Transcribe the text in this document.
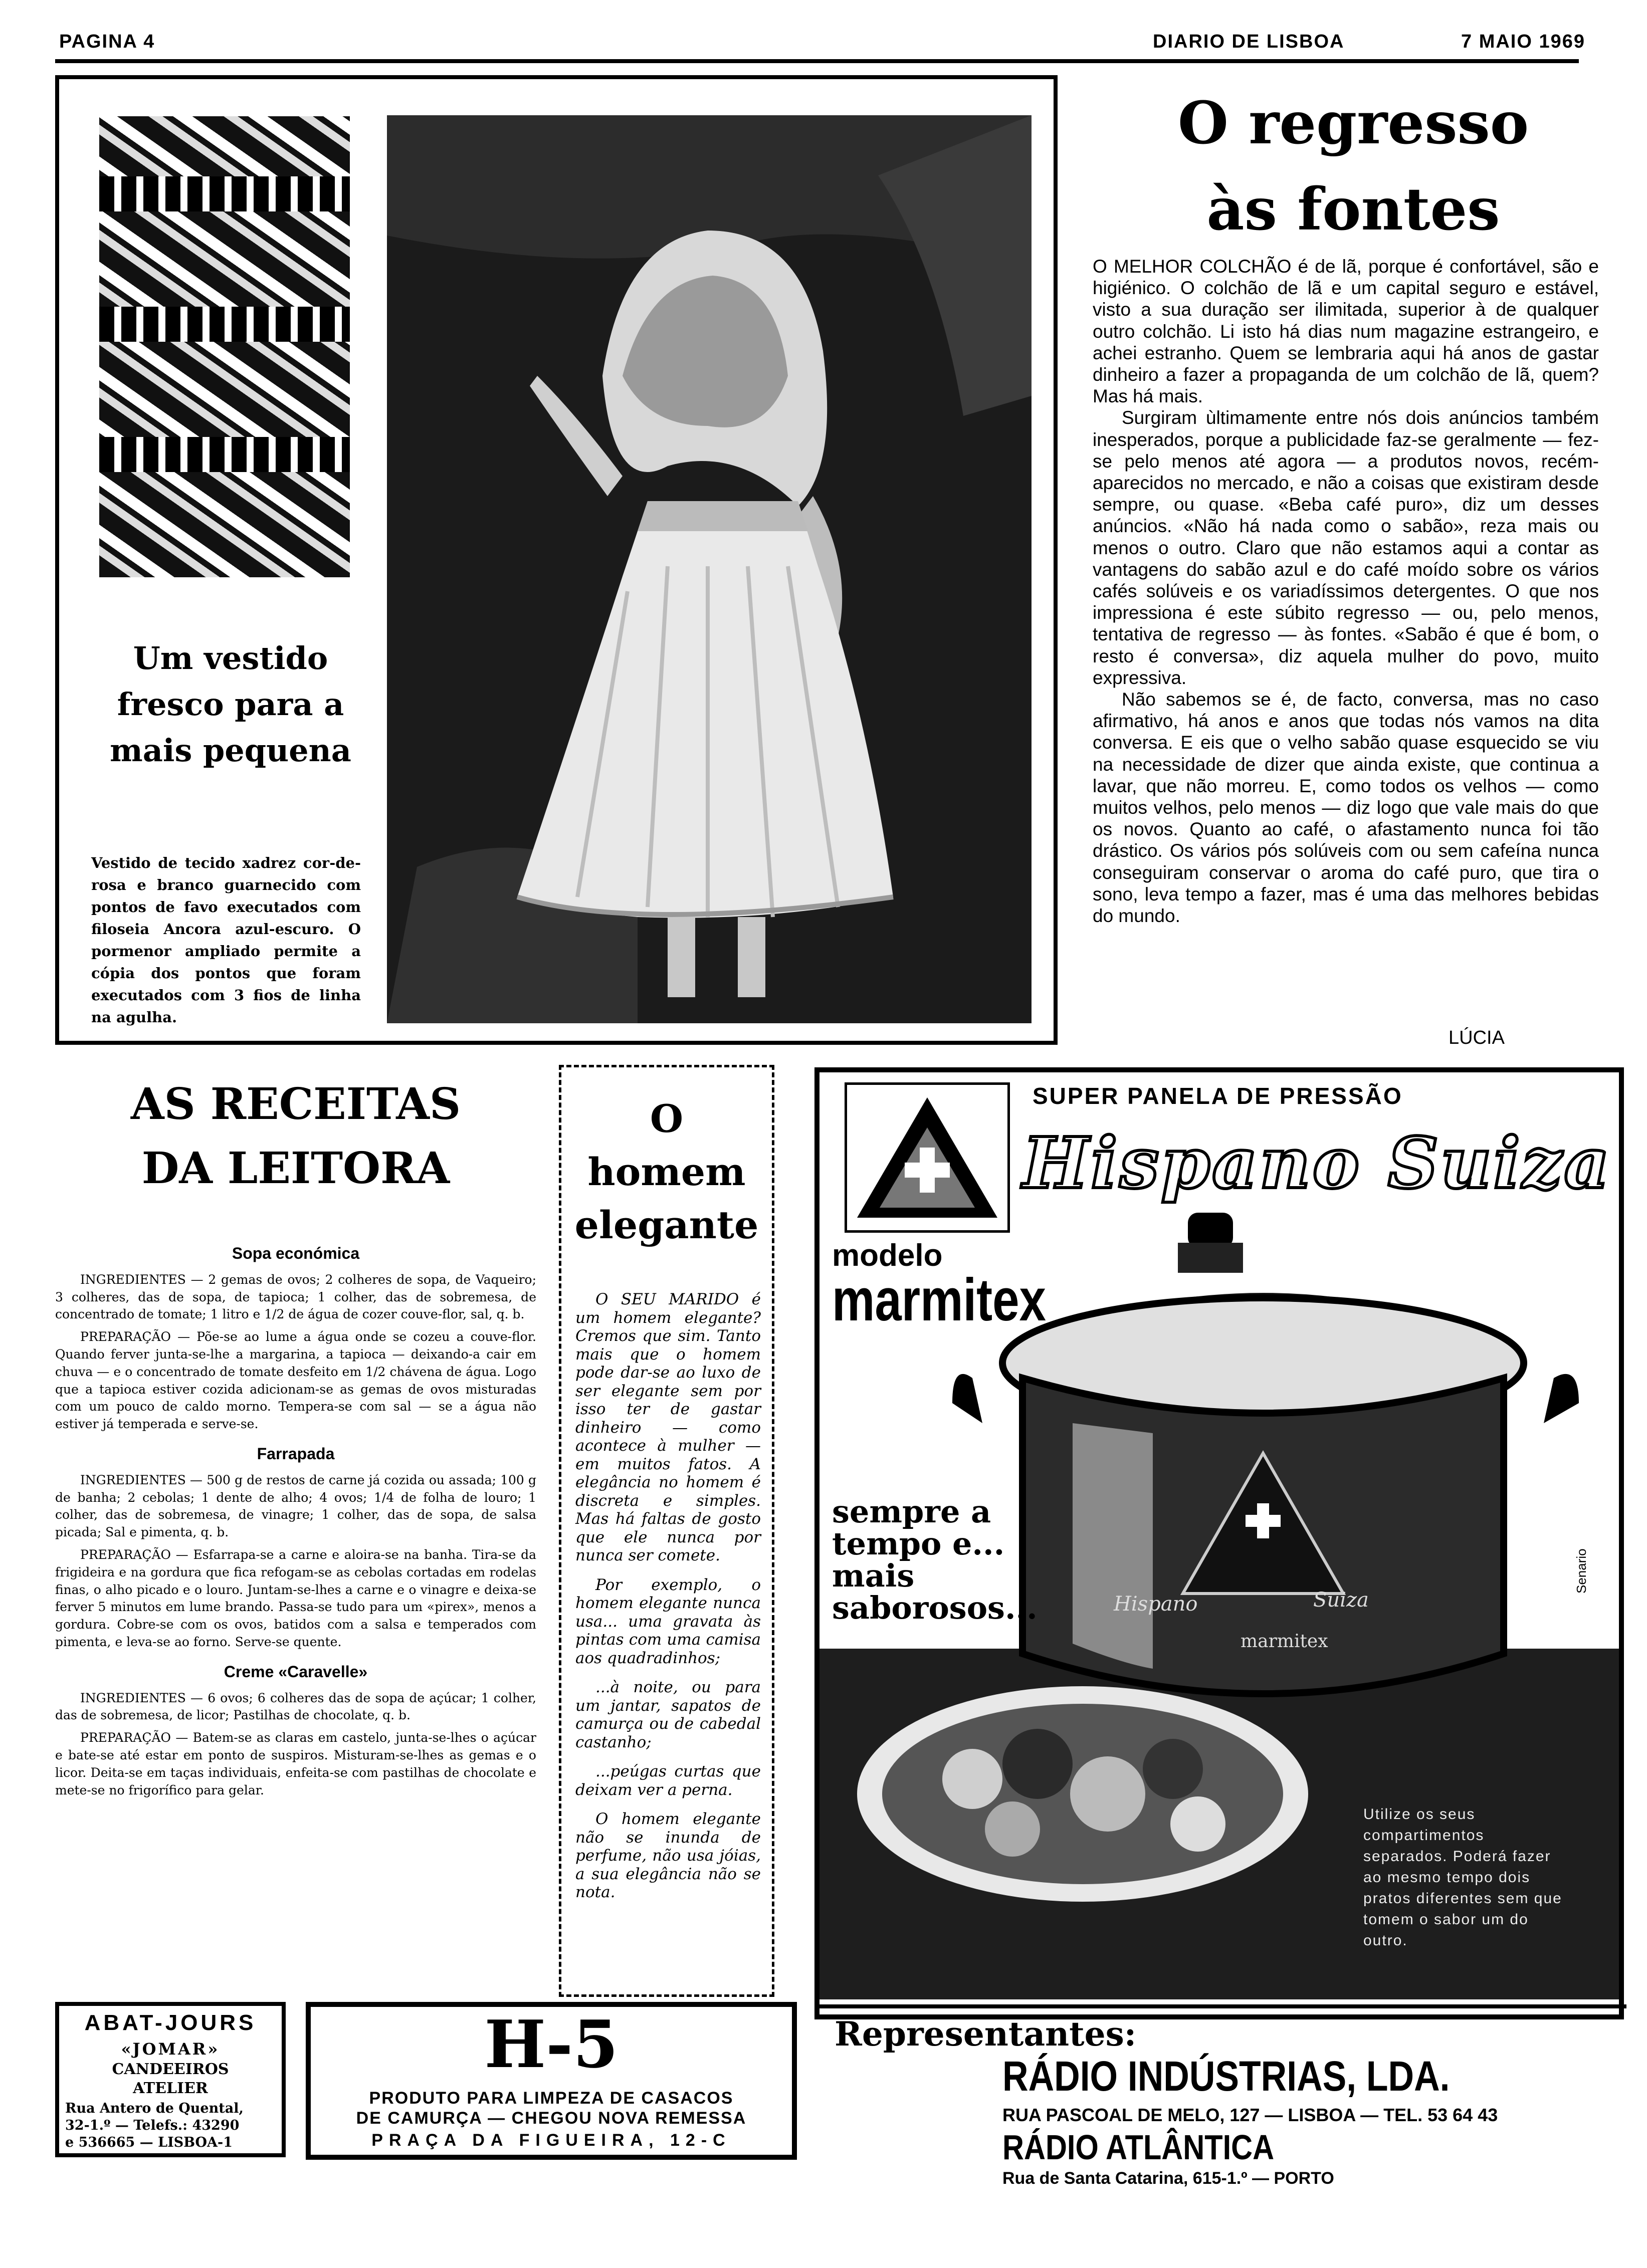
PAGINA 4	DIARIO DE LISBOA	7 MAIO 1969
Um vestido fresco para a mais pequena
Vestido de tecido xadrez cor-de-rosa e branco guarnecido com pontos de favo executados com filoseia Ancora azul-escuro. O pormenor ampliado permite a cópia dos pontos que foram executados com 3 fios de linha na agulha.
O regresso
às fontes

O MELHOR COLCHÃO é de lã, porque é confortável, são e higiénico. O colchão de lã e um capital seguro e estável, visto a sua duração ser ilimitada, superior à de qualquer outro colchão. Li isto há dias num magazine estrangeiro, e achei estranho. Quem se lembraria aqui há anos de gastar dinheiro a fazer a propaganda de um colchão de lã, quem? Mas há mais.

Surgiram ùltimamente entre nós dois anúncios também inesperados, porque a publicidade faz-se geralmente — fez-se pelo menos até agora — a produtos novos, recém-aparecidos no mercado, e não a coisas que existiram desde sempre, ou quase. «Beba café puro», diz um desses anúncios. «Não há nada como o sabão», reza mais ou menos o outro. Claro que não estamos aqui a contar as vantagens do sabão azul e do café moído sobre os vários cafés solúveis e os variadíssimos detergentes. O que nos impressiona é este súbito regresso — ou, pelo menos, tentativa de regresso — às fontes. «Sabão é que é bom, o resto é conversa», diz aquela mulher do povo, muito expressiva.

Não sabemos se é, de facto, conversa, mas no caso afirmativo, há anos e anos que todas nós vamos na dita conversa. E eis que o velho sabão quase esquecido se viu na necessidade de dizer que ainda existe, que continua a lavar, que não morreu. E, como todos os velhos — como muitos velhos, pelo menos — diz logo que vale mais do que os novos. Quanto ao café, o afastamento nunca foi tão drástico. Os vários pós solúveis com ou sem cafeína nunca conseguiram conservar o aroma do café puro, que tira o sono, leva tempo a fazer, mas é uma das melhores bebidas do mundo.

LÚCIA
AS RECEITAS
DA LEITORA
Sopa económica

INGREDIENTES — 2 gemas de ovos; 2 colheres de sopa, de Vaqueiro; 3 colheres, das de sopa, de tapioca; 1 colher, das de sobremesa, de concentrado de tomate; 1 litro e 1/2 de água de cozer couve-flor, sal, q. b.

PREPARAÇÃO — Põe-se ao lume a água onde se cozeu a couve-flor. Quando ferver junta-se-lhe a margarina, a tapioca — deixando-a cair em chuva — e o concentrado de tomate desfeito em 1/2 chávena de água. Logo que a tapioca estiver cozida adicionam-se as gemas de ovos misturadas com um pouco de caldo morno. Tempera-se com sal — se a água não estiver já temperada e serve-se.

Farrapada

INGREDIENTES — 500 g de restos de carne já cozida ou assada; 100 g de banha; 2 cebolas; 1 dente de alho; 4 ovos; 1/4 de folha de louro; 1 colher, das de sobremesa, de vinagre; 1 colher, das de sopa, de salsa picada; Sal e pimenta, q. b.

PREPARAÇÃO — Esfarrapa-se a carne e aloira-se na banha. Tira-se da frigideira e na gordura que fica refogam-se as cebolas cortadas em rodelas finas, o alho picado e o louro. Juntam-se-lhes a carne e o vinagre e deixa-se ferver 5 minutos em lume brando. Passa-se tudo para um «pirex», menos a gordura. Cobre-se com os ovos, batidos com a salsa e temperados com pimenta, e leva-se ao forno. Serve-se quente.

Creme «Caravelle»

INGREDIENTES — 6 ovos; 6 colheres das de sopa de açúcar; 1 colher, das de sobremesa, de licor; Pastilhas de chocolate, q. b.

PREPARAÇÃO — Batem-se as claras em castelo, junta-se-lhes o açúcar e bate-se até estar em ponto de suspiros. Misturam-se-lhes as gemas e o licor. Deita-se em taças individuais, enfeita-se com pastilhas de chocolate e mete-se no frigorífico para gelar.

O
homem
elegante

O SEU MARIDO é um homem elegante? Cremos que sim. Tanto mais que o homem pode dar-se ao luxo de ser elegante sem por isso ter de gastar dinheiro — como acontece à mulher — em muitos fatos. A elegância no homem é discreta e simples. Mas há faltas de gosto que ele nunca por nunca ser comete.

Por exemplo, o homem elegante nunca usa... uma gravata às pintas com uma camisa aos quadradinhos;

...à noite, ou para um jantar, sapatos de camurça ou de cabedal castanho;

...peúgas curtas que deixam ver a perna.

O homem elegante não se inunda de perfume, não usa jóias, a sua elegância não se nota.

SUPER PANELA DE PRESSÃO
Hispano Suiza
modelo
marmitex
Hispano	Suiza
marmitex
Senario
sempre a tempo e... mais saborosos...
Utilize os seus compartimentos separados. Poderá fazer ao mesmo tempo dois pratos diferentes sem que tomem o sabor um do outro.
Representantes:
RÁDIO INDÚSTRIAS, LDA.
RUA PASCOAL DE MELO, 127 — LISBOA — TEL. 53 64 43
RÁDIO ATLÂNTICA
Rua de Santa Catarina, 615-1.º — PORTO
ABAT-JOURS
«JOMAR»
CANDEEIROS
ATELIER
Rua Antero de Quental,
32-1.º — Telefs.: 43290
e 536665 — LISBOA-1
H-5
PRODUTO PARA LIMPEZA DE CASACOS
DE CAMURÇA — CHEGOU NOVA REMESSA
PRAÇA DA FIGUEIRA, 12-C
